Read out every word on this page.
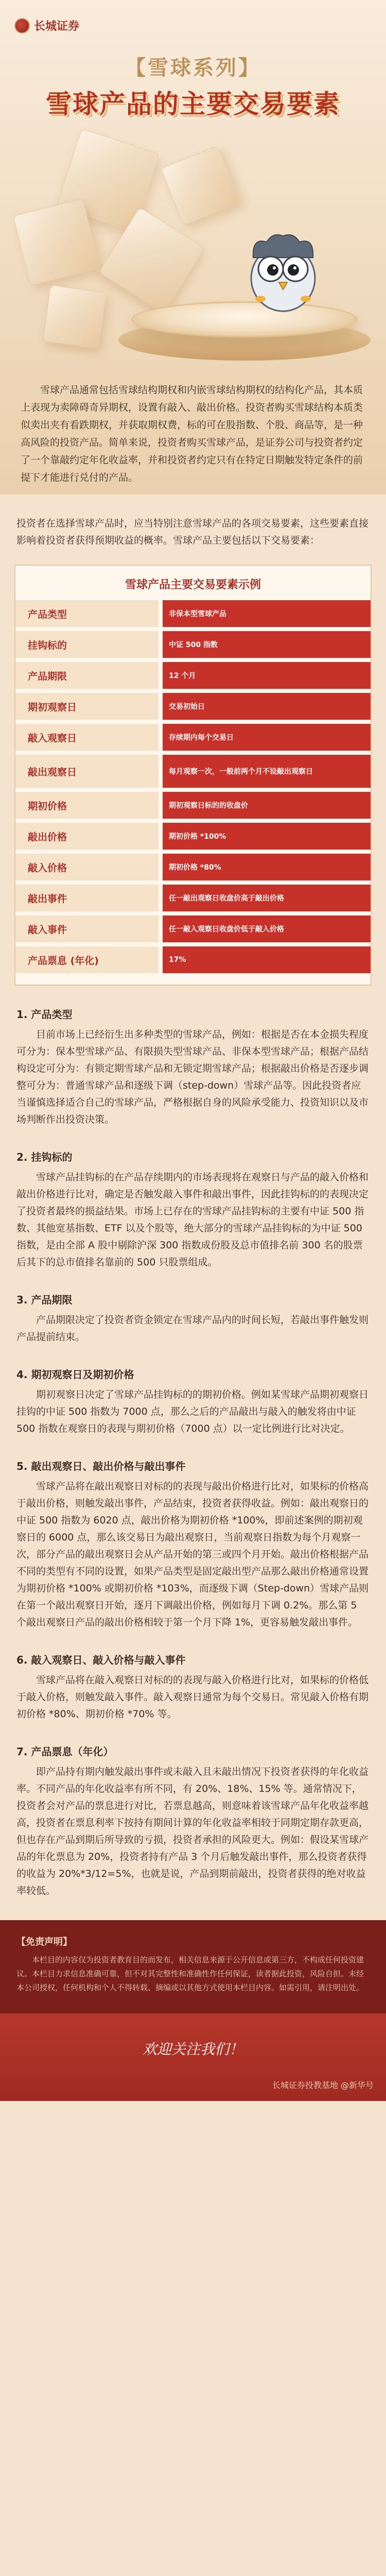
长城证券
【雪球系列】
雪球产品的主要交易要素

雪球产品通常包括雪球结构期权和内嵌雪球结构期权的结构化产品，其本质上表现为卖障碍奇异期权，设置有敲入、敲出价格。投资者购买雪球结构本质类似卖出夹有看跌期权，并获取期权费，标的可在股指数、个股、商品等，是一种高风险的投资产品。简单来说，投资者购买雪球产品，是证券公司与投资者约定了一个靠敲约定年化收益率，并和投资者约定只有在特定日期触发特定条件的前提下才能进行兑付的产品。

投资者在选择雪球产品时，应当特别注意雪球产品的各项交易要素，这些要素直接影响着投资者获得预期收益的概率。雪球产品主要包括以下交易要素：

雪球产品主要交易要素示例
产品类型	非保本型雪球产品
挂钩标的	中证 500 指数
产品期限	12 个月
期初观察日	交易初始日
敲入观察日	存续期内每个交易日
敲出观察日	每月观察一次，一般前两个月不设敲出观察日
期初价格	期初观察日标的的收盘价
敲出价格	期初价格 *100%
敲入价格	期初价格 *80%
敲出事件	任一敲出观察日收盘价高于敲出价格
敲入事件	任一敲入观察日收盘价低于敲入价格
产品票息 (年化)	17%
1. 产品类型

目前市场上已经衍生出多种类型的雪球产品，例如：根据是否在本金损失程度可分为：保本型雪球产品、有限损失型雪球产品、非保本型雪球产品；根据产品结构设定可分为：有锁定期雪球产品和无锁定期雪球产品；根据敲出价格是否逐步调整可分为：普通雪球产品和逐级下调（step-down）雪球产品等。因此投资者应当谨慎选择适合自己的雪球产品，严格根据自身的风险承受能力、投资知识以及市场判断作出投资决策。

2. 挂钩标的

雪球产品挂钩标的在产品存续期内的市场表现将在观察日与产品的敲入价格和敲出价格进行比对，确定是否触发敲入事件和敲出事件，因此挂钩标的的表现决定了投资者最终的损益结果。市场上已存在的雪球产品挂钩标的主要有中证 500 指数、其他宽基指数、ETF 以及个股等，绝大部分的雪球产品挂钩标的为中证 500 指数，是由全部 A 股中剔除沪深 300 指数成份股及总市值排名前 300 名的股票后其下的总市值排名靠前的 500 只股票组成。

3. 产品期限

产品期限决定了投资者资金锁定在雪球产品内的时间长短，若敲出事件触发则产品提前结束。

4. 期初观察日及期初价格

期初观察日决定了雪球产品挂钩标的的期初价格。例如某雪球产品期初观察日挂钩的中证 500 指数为 7000 点，那么之后的产品敲出与敲入的触发将由中证 500 指数在观察日的表现与期初价格（7000 点）以一定比例进行比对决定。

5. 敲出观察日、敲出价格与敲出事件

雪球产品将在敲出观察日对标的的表现与敲出价格进行比对，如果标的价格高于敲出价格，则触发敲出事件，产品结束，投资者获得收益。例如：敲出观察日的中证 500 指数为 6020 点，敲出价格为期初价格 *100%，即前述案例的期初观察日的 6000 点，那么该交易日为敲出观察日，当前观察日指数为每个月观察一次，部分产品的敲出观察日会从产品开始的第三或四个月开始。敲出价格根据产品不同的类型有不同的设置，如果产品类型是固定敲出型产品那么敲出价格通常设置为期初价格 *100% 或期初价格 *103%，而逐级下调（Step-down）雪球产品则在第一个敲出观察日开始，逐月下调敲出价格，例如每月下调 0.2%。那么第 5 个敲出观察日产品的敲出价格相较于第一个月下降 1%，更容易触发敲出事件。

6. 敲入观察日、敲入价格与敲入事件

雪球产品将在敲入观察日对标的的表现与敲入价格进行比对，如果标的价格低于敲入价格，则触发敲入事件。敲入观察日通常为每个交易日。常见敲入价格有期初价格 *80%、期初价格 *70% 等。

7. 产品票息（年化）

即产品持有期内触发敲出事件或未敲入且未敲出情况下投资者获得的年化收益率。不同产品的年化收益率有所不同，有 20%、18%、15% 等。通常情况下，投资者会对产品的票息进行对比，若票息越高，则意味着该雪球产品年化收益率越高，投资者在票息利率下按持有期间计算的年化收益率相较于同期定期存款更高，但也存在产品到期后所导致的亏损，投资者承担的风险更大。例如：假设某雪球产品的年化票息为 20%，投资者持有产品 3 个月后触发敲出事件，那么投资者获得的收益为 20%*3/12=5%，也就是说，产品到期前敲出，投资者获得的绝对收益率较低。

【免责声明】

本栏目的内容仅为投资者教育目的而发布，相关信息来源于公开信息或第三方，不构成任何投资建议。本栏目力求信息准确可靠，但不对其完整性和准确性作任何保证，读者据此投资，风险自担。未经本公司授权，任何机构和个人不得转载、摘编或以其他方式使用本栏目内容。如需引用，请注明出处。

欢迎关注我们！
长城证券投教基地 @新华号
